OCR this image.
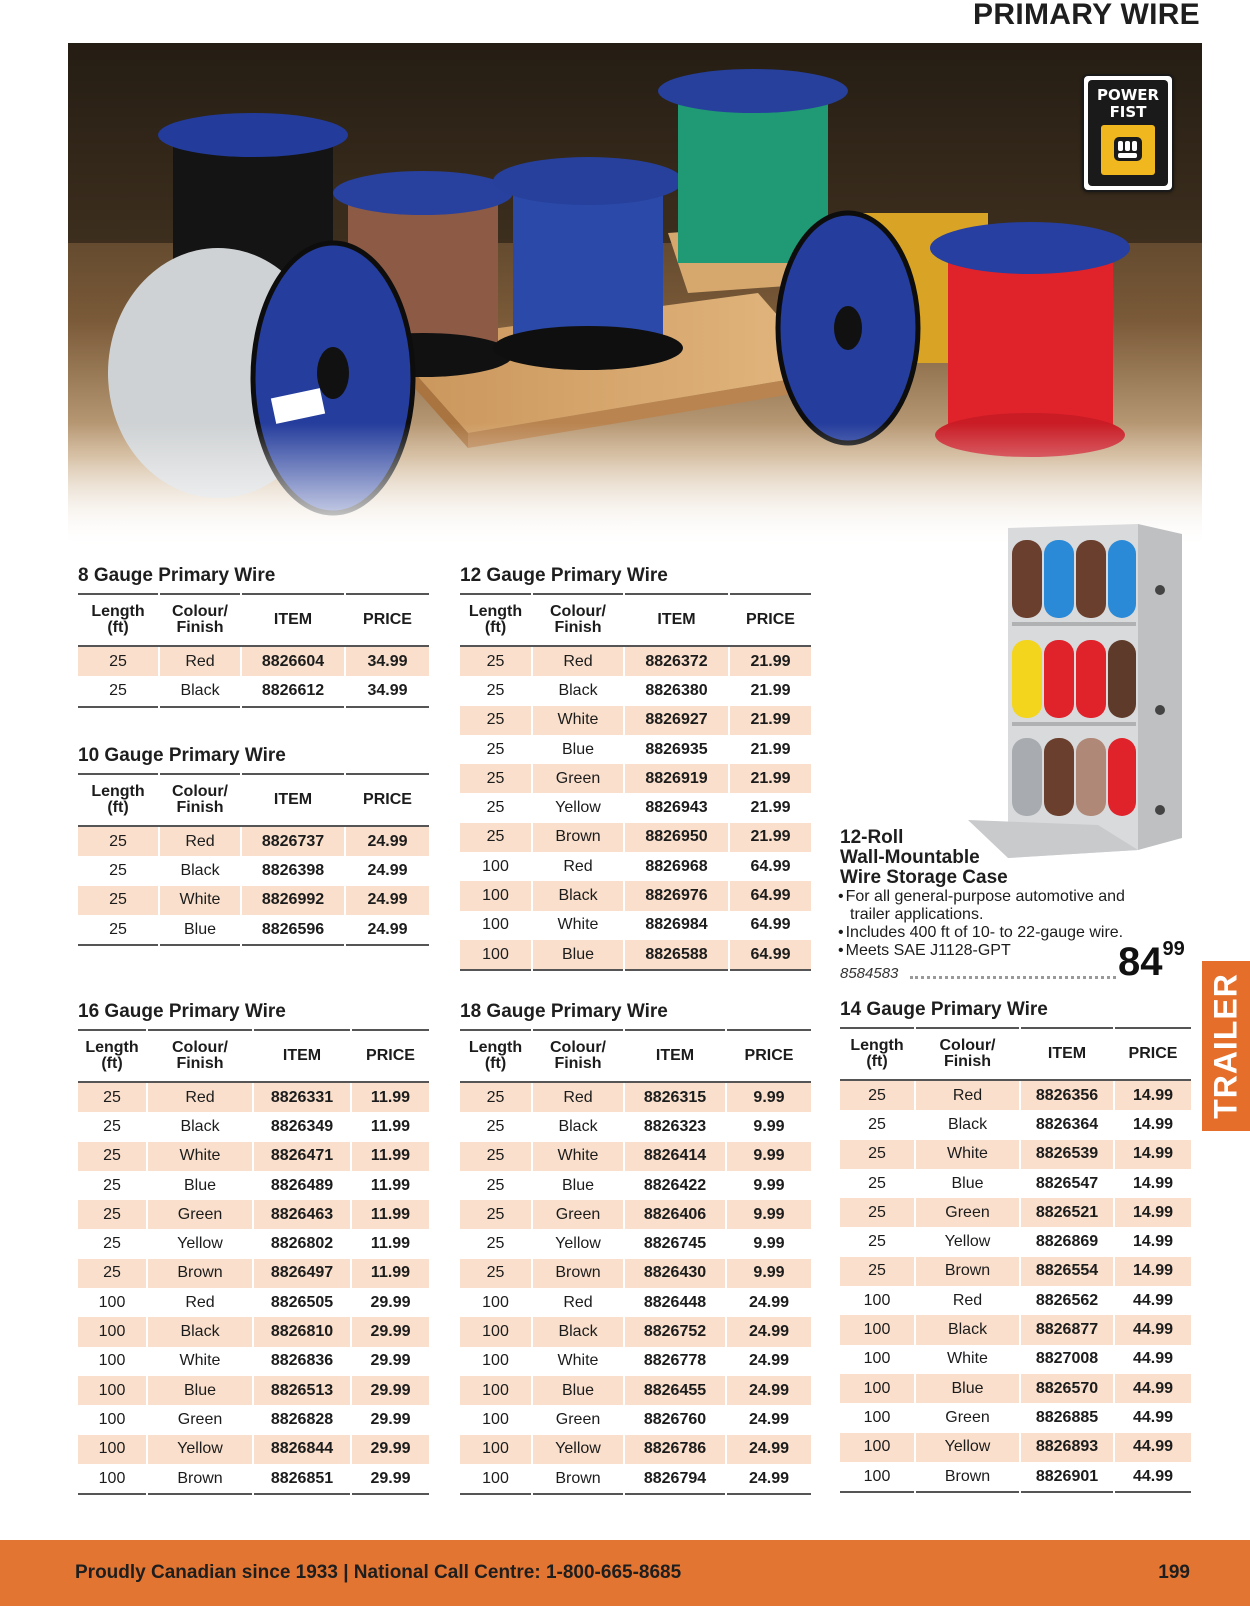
PRIMARY WIRE
POWER
FIST
8 Gauge Primary Wire
Length (ft)	Colour/ Finish	ITEM	PRICE
25	Red	8826604	34.99
25	Black	8826612	34.99
10 Gauge Primary Wire
Length (ft)	Colour/ Finish	ITEM	PRICE
25	Red	8826737	24.99
25	Black	8826398	24.99
25	White	8826992	24.99
25	Blue	8826596	24.99
12 Gauge Primary Wire
Length (ft)	Colour/ Finish	ITEM	PRICE
25	Red	8826372	21.99
25	Black	8826380	21.99
25	White	8826927	21.99
25	Blue	8826935	21.99
25	Green	8826919	21.99
25	Yellow	8826943	21.99
25	Brown	8826950	21.99
100	Red	8826968	64.99
100	Black	8826976	64.99
100	White	8826984	64.99
100	Blue	8826588	64.99
16 Gauge Primary Wire
Length (ft)	Colour/ Finish	ITEM	PRICE
25	Red	8826331	11.99
25	Black	8826349	11.99
25	White	8826471	11.99
25	Blue	8826489	11.99
25	Green	8826463	11.99
25	Yellow	8826802	11.99
25	Brown	8826497	11.99
100	Red	8826505	29.99
100	Black	8826810	29.99
100	White	8826836	29.99
100	Blue	8826513	29.99
100	Green	8826828	29.99
100	Yellow	8826844	29.99
100	Brown	8826851	29.99
18 Gauge Primary Wire
Length (ft)	Colour/ Finish	ITEM	PRICE
25	Red	8826315	9.99
25	Black	8826323	9.99
25	White	8826414	9.99
25	Blue	8826422	9.99
25	Green	8826406	9.99
25	Yellow	8826745	9.99
25	Brown	8826430	9.99
100	Red	8826448	24.99
100	Black	8826752	24.99
100	White	8826778	24.99
100	Blue	8826455	24.99
100	Green	8826760	24.99
100	Yellow	8826786	24.99
100	Brown	8826794	24.99
14 Gauge Primary Wire
Length (ft)	Colour/ Finish	ITEM	PRICE
25	Red	8826356	14.99
25	Black	8826364	14.99
25	White	8826539	14.99
25	Blue	8826547	14.99
25	Green	8826521	14.99
25	Yellow	8826869	14.99
25	Brown	8826554	14.99
100	Red	8826562	44.99
100	Black	8826877	44.99
100	White	8827008	44.99
100	Blue	8826570	44.99
100	Green	8826885	44.99
100	Yellow	8826893	44.99
100	Brown	8826901	44.99
12-Roll
Wall-Mountable
Wire Storage Case
• For all general-purpose automotive and trailer applications.
• Includes 400 ft of 10- to 22-gauge wire.
• Meets SAE J1128-GPT
8584583	$84^{99}$
TRAILER
Proudly Canadian since 1933 | National Call Centre: 1-800-665-8685	199
